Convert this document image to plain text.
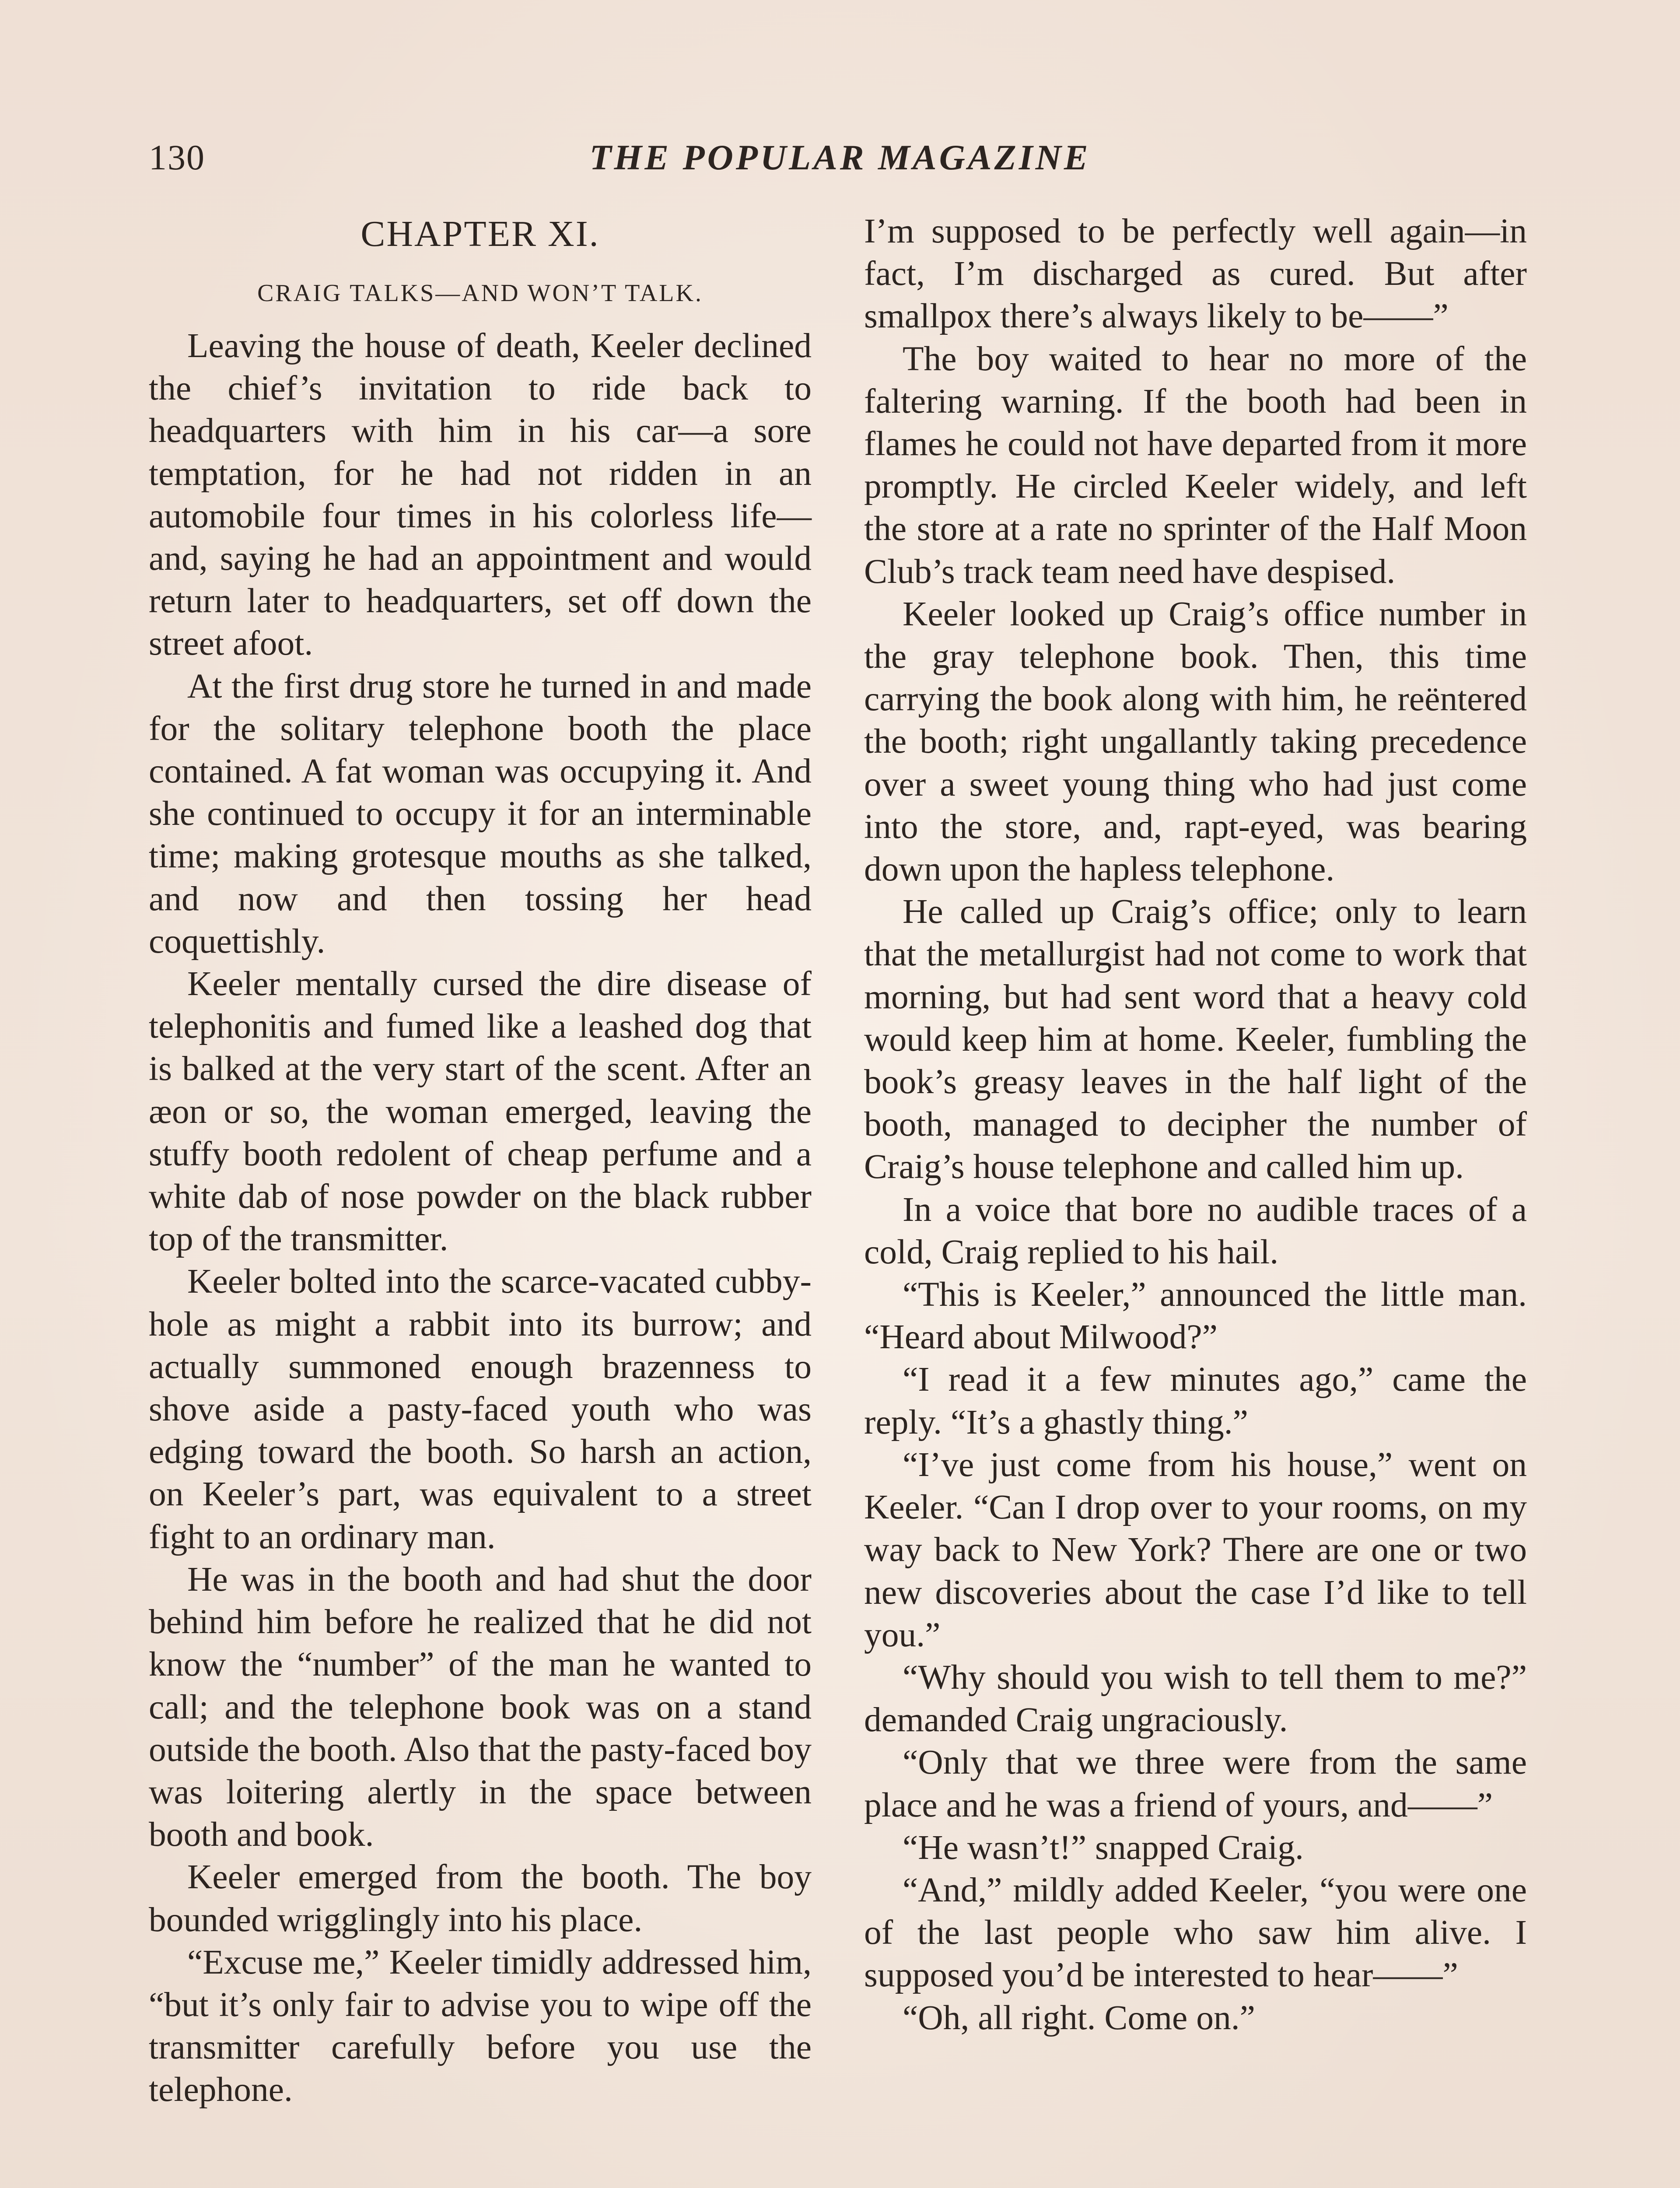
130	THE POPULAR MAGAZINE
CHAPTER XI.
CRAIG TALKS—AND WON’T TALK.

Leaving the house of death, Keeler declined the chief’s invitation to ride back to headquarters with him in his car—a sore temptation, for he had not ridden in an automobile four times in his colorless life—and, saying he had an appointment and would return later to headquarters, set off down the street afoot.

At the first drug store he turned in and made for the solitary telephone booth the place contained. A fat woman was occupying it. And she continued to occupy it for an interminable time; making grotesque mouths as she talked, and now and then tossing her head coquettishly.

Keeler mentally cursed the dire disease of telephonitis and fumed like a leashed dog that is balked at the very start of the scent. After an æon or so, the woman emerged, leaving the stuffy booth redolent of cheap perfume and a white dab of nose powder on the black rubber top of the transmitter.

Keeler bolted into the scarce-vacated cubby-hole as might a rabbit into its burrow; and actually summoned enough brazenness to shove aside a pasty-faced youth who was edging toward the booth. So harsh an action, on Keeler’s part, was equivalent to a street fight to an ordinary man.

He was in the booth and had shut the door behind him before he realized that he did not know the “number” of the man he wanted to call; and the telephone book was on a stand outside the booth. Also that the pasty-faced boy was loitering alertly in the space between booth and book.

Keeler emerged from the booth. The boy bounded wrigglingly into his place.

“Excuse me,” Keeler timidly addressed him, “but it’s only fair to advise you to wipe off the transmitter carefully before you use the telephone.

I’m supposed to be perfectly well again—in fact, I’m discharged as cured. But after smallpox there’s always likely to be——”

The boy waited to hear no more of the faltering warning. If the booth had been in flames he could not have departed from it more promptly. He circled Keeler widely, and left the store at a rate no sprinter of the Half Moon Club’s track team need have despised.

Keeler looked up Craig’s office number in the gray telephone book. Then, this time carrying the book along with him, he reëntered the booth; right ungallantly taking precedence over a sweet young thing who had just come into the store, and, rapt-eyed, was bearing down upon the hapless telephone.

He called up Craig’s office; only to learn that the metallurgist had not come to work that morning, but had sent word that a heavy cold would keep him at home. Keeler, fumbling the book’s greasy leaves in the half light of the booth, managed to decipher the number of Craig’s house telephone and called him up.

In a voice that bore no audible traces of a cold, Craig replied to his hail.

“This is Keeler,” announced the little man. “Heard about Milwood?”

“I read it a few minutes ago,” came the reply. “It’s a ghastly thing.”

“I’ve just come from his house,” went on Keeler. “Can I drop over to your rooms, on my way back to New York? There are one or two new discoveries about the case I’d like to tell you.”

“Why should you wish to tell them to me?” demanded Craig ungraciously.

“Only that we three were from the same place and he was a friend of yours, and——”

“He wasn’t!” snapped Craig.

“And,” mildly added Keeler, “you were one of the last people who saw him alive. I supposed you’d be interested to hear——”

“Oh, all right. Come on.”
